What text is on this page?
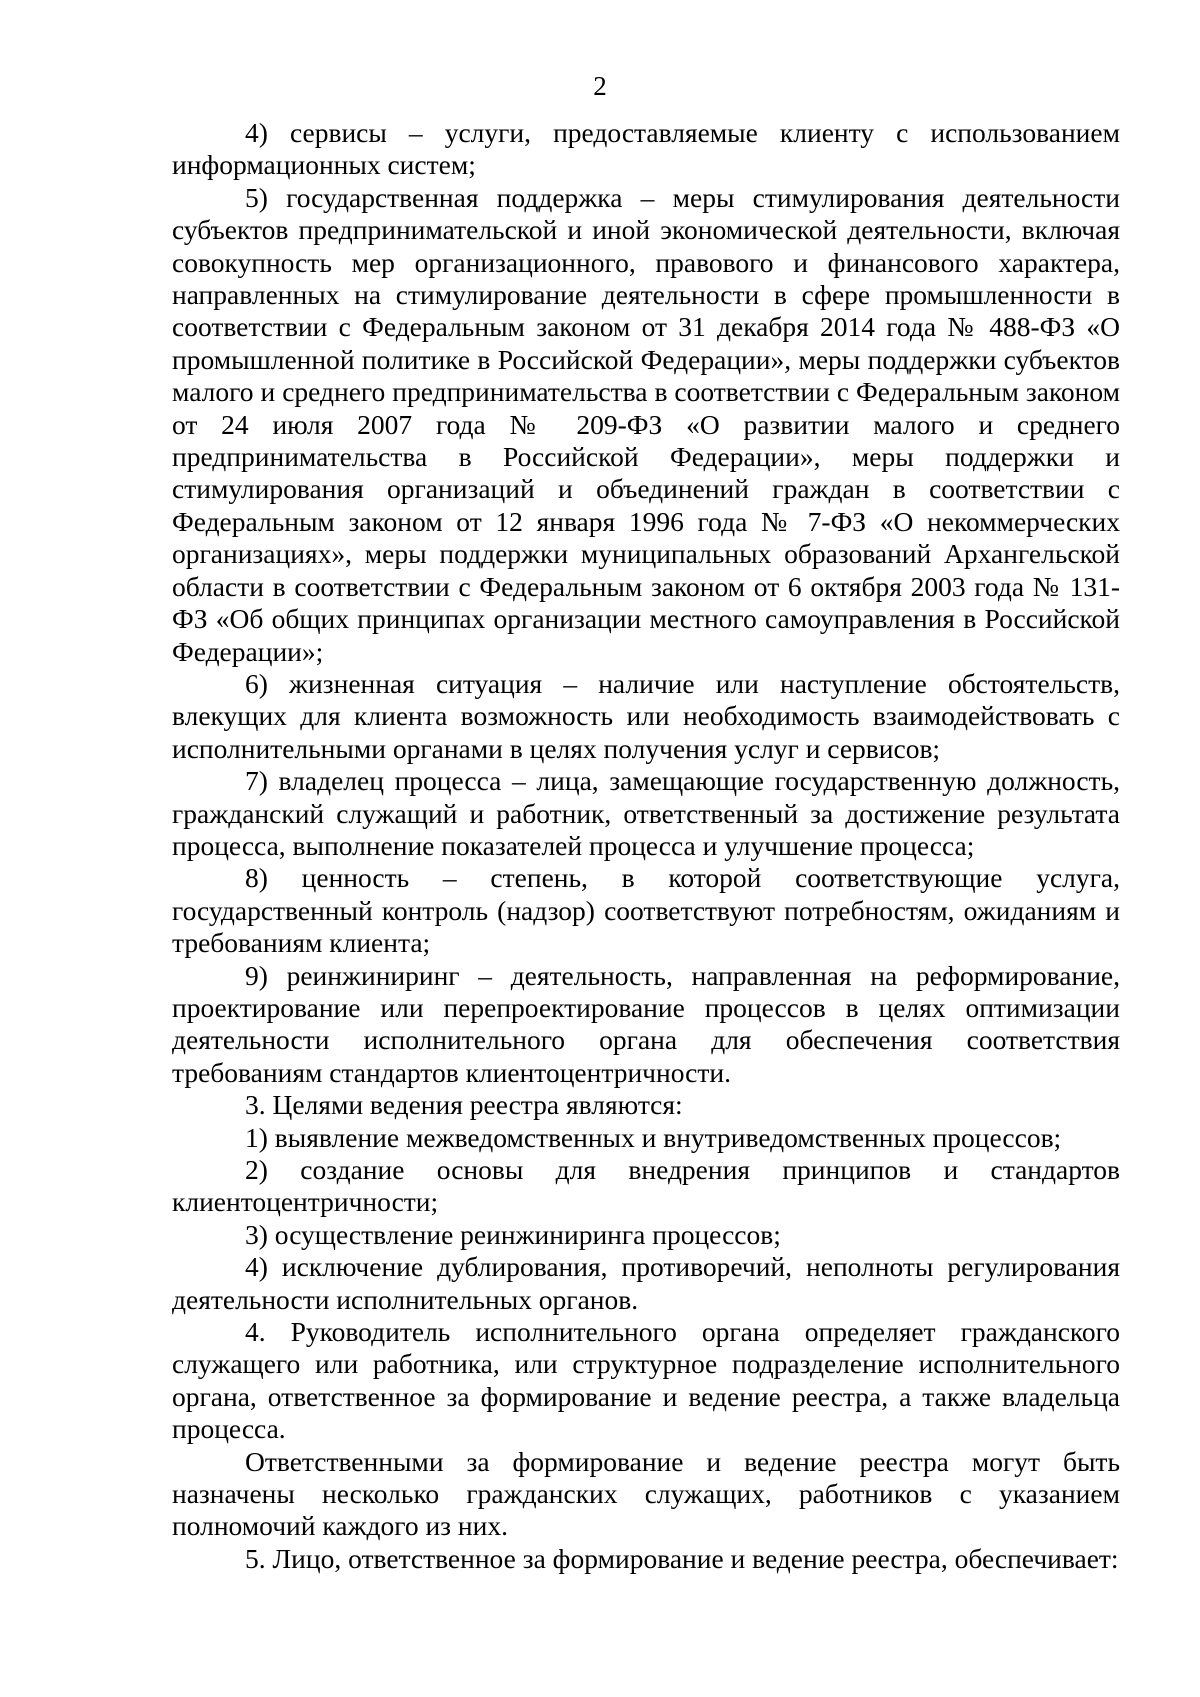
2

4) сервисы – услуги, предоставляемые клиенту с использованием информационных систем;

5) государственная поддержка – меры стимулирования деятельности субъектов предпринимательской и иной экономической деятельности, включая совокупность мер организационного, правового и финансового характера, направленных на стимулирование деятельности в сфере промышленности в соответствии с Федеральным законом от 31 декабря 2014 года № 488-ФЗ «О промышленной политике в Российской Федерации», меры поддержки субъектов малого и среднего предпринимательства в соответствии с Федеральным законом от 24 июля 2007 года № 209-ФЗ «О развитии малого и среднего предпринимательства в Российской Федерации», меры поддержки и стимулирования организаций и объединений граждан в соответствии с Федеральным законом от 12 января 1996 года № 7-ФЗ «О некоммерческих организациях», меры поддержки муниципальных образований Архангельской области в соответствии с Федеральным законом от 6 октября 2003 года № 131-ФЗ «Об общих принципах организации местного самоуправления в Российской Федерации»;

6) жизненная ситуация – наличие или наступление обстоятельств, влекущих для клиента возможность или необходимость взаимодействовать с исполнительными органами в целях получения услуг и сервисов;

7) владелец процесса – лица, замещающие государственную должность, гражданский служащий и работник, ответственный за достижение результата процесса, выполнение показателей процесса и улучшение процесса;

8) ценность – степень, в которой соответствующие услуга, государственный контроль (надзор) соответствуют потребностям, ожиданиям и требованиям клиента;

9) реинжиниринг – деятельность, направленная на реформирование, проектирование или перепроектирование процессов в целях оптимизации деятельности исполнительного органа для обеспечения соответствия требованиям стандартов клиентоцентричности.

3. Целями ведения реестра являются:

1) выявление межведомственных и внутриведомственных процессов;

2) создание основы для внедрения принципов и стандартов клиентоцентричности;

3) осуществление реинжиниринга процессов;

4) исключение дублирования, противоречий, неполноты регулирования деятельности исполнительных органов.

4. Руководитель исполнительного органа определяет гражданского служащего или работника, или структурное подразделение исполнительного органа, ответственное за формирование и ведение реестра, а также владельца процесса.

Ответственными за формирование и ведение реестра могут быть назначены несколько гражданских служащих, работников с указанием полномочий каждого из них.

5. Лицо, ответственное за формирование и ведение реестра, обеспечивает:
